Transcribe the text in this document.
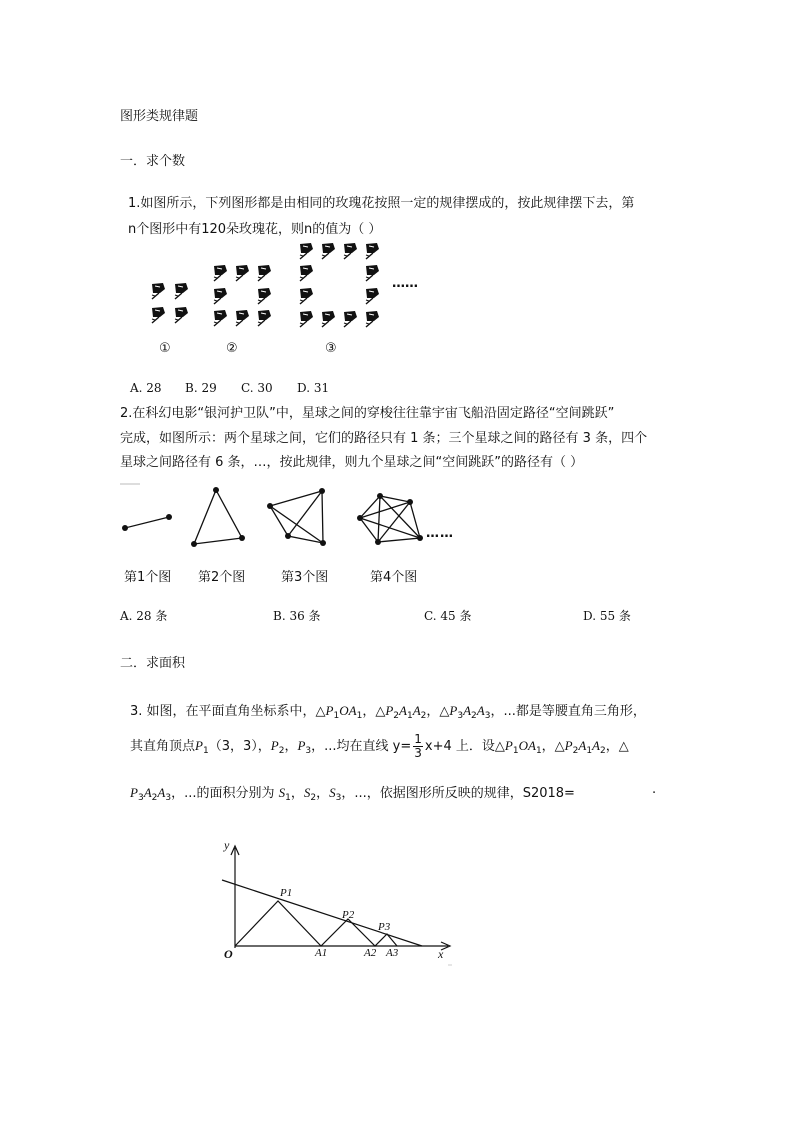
图形类规律题
一．求个数
1.如图所示，下列图形都是由相同的玫瑰花按照一定的规律摆成的，按此规律摆下去，第
n个图形中有120朵玫瑰花，则n的值为（ ）
……
①	②	③
A. 28 B. 29 C. 30 D. 31
2.在科幻电影“银河护卫队”中，星球之间的穿梭往往靠宇宙飞船沿固定路径“空间跳跃”
完成，如图所示：两个星球之间，它们的路径只有 1 条；三个星球之间的路径有 3 条，四个
星球之间路径有 6 条，…，按此规律，则九个星球之间“空间跳跃”的路径有（ ）
……
第1个图 第2个图	第3个图	第4个图
A. 28 条	B. 36 条	C. 45 条	D. 55 条
二．求面积
3. 如图，在平面直角坐标系中，$\triangle P_1OA_1$，$\triangle P_2A_1A_2$，$\triangle P_3A_2A_3$，...都是等腰直角三角形，
其直角顶点$P_1(3$，3），$P_2$，$P_3$，...均在直线 $y= \frac{1}{3} x+4$ 上．设$\triangle P_1OA_1$，$\triangle P_2A_1A_2$，△
$P_3A_2A_3$，...的面积分别为 $S_1$，$S_2$，$S_3$，...，依据图形所反映的规律，S2018=	.
y
x
O
P1
P2
P3
A1	A2 A3
